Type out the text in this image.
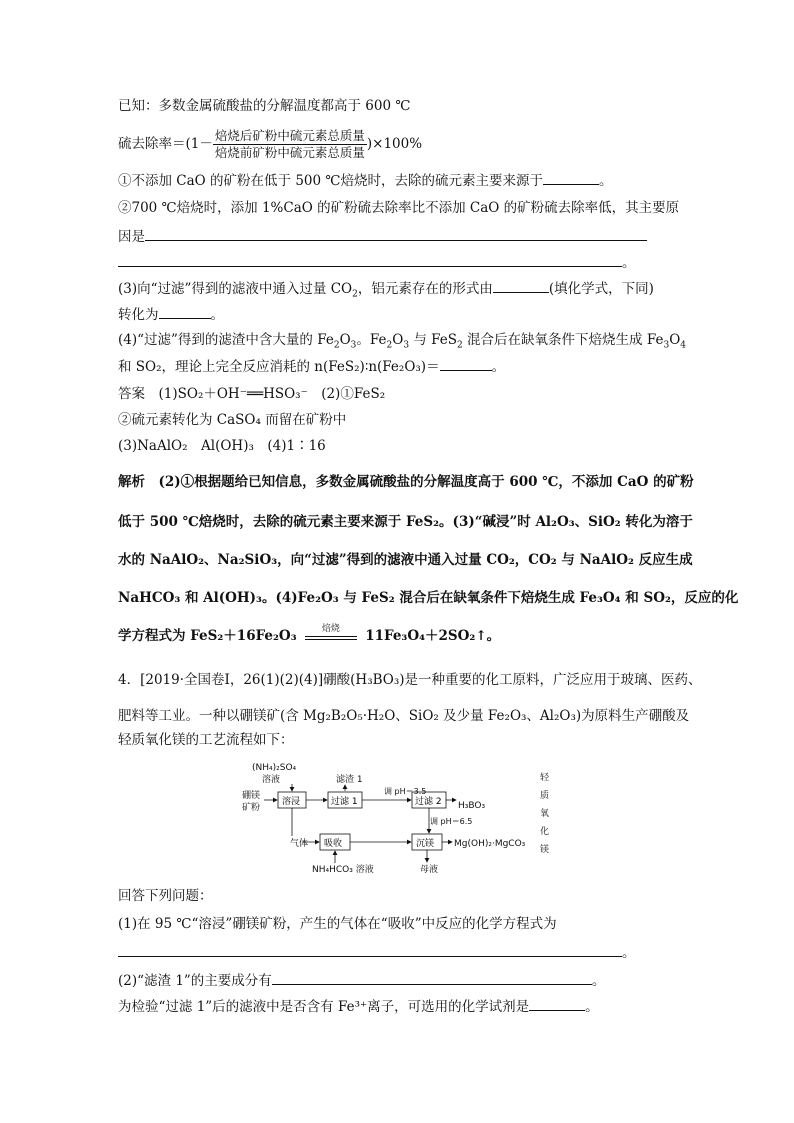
已知：多数金属硫酸盐的分解温度都高于 600 ℃
硫去除率$=(1- \frac{\text{焙烧后矿粉中硫元素总质量}}{\text{焙烧前矿粉中硫元素总质量}} )\times 100\%$
①不添加 CaO 的矿粉在低于 500 ℃焙烧时，去除的硫元素主要来源于	。
②700 ℃焙烧时，添加 1%CaO 的矿粉硫去除率比不添加 CaO 的矿粉硫去除率低，其主要原
因是
。
(3)向“过滤”得到的滤液中通入过量 $CO_2$，铝元素存在的形式由	(填化学式，下同)
转化为	。
(4)“过滤”得到的滤渣中含大量的 $Fe_2O_3$。$Fe_2O_3$ 与 FeS$_2$ 混合后在缺氧条件下焙烧生成 $Fe_3O_4$
和 SO₂，理论上完全反应消耗的 n(FeS₂)∶n(Fe₂O₃)＝	。
答案　(1)SO₂＋OH⁻══HSO₃⁻　(2)①FeS₂
②硫元素转化为 CaSO₄ 而留在矿粉中
(3)NaAlO₂　Al(OH)₃　(4)1∶16
解析　(2)①根据题给已知信息，多数金属硫酸盐的分解温度高于 600 ℃，不添加 CaO 的矿粉
低于 500 ℃焙烧时，去除的硫元素主要来源于 FeS₂。(3)“碱浸”时 Al₂O₃、SiO₂ 转化为溶于
水的 NaAlO₂、Na₂SiO₃，向“过滤”得到的滤液中通入过量 CO₂，CO₂ 与 NaAlO₂ 反应生成
NaHCO₃ 和 Al(OH)₃。(4)Fe₂O₃ 与 FeS₂ 混合后在缺氧条件下焙烧生成 Fe₃O₄ 和 SO₂，反应的化
学方程式为 FeS₂＋16Fe₂O₃	焙烧	11Fe₃O₄＋2SO₂↑。
4．[2019·全国卷Ⅰ，26(1)(2)(4)]硼酸(H₃BO₃)是一种重要的化工原料，广泛应用于玻璃、医药、
肥料等工业。一种以硼镁矿(含 Mg₂B₂O₅·H₂O、SiO₂ 及少量 Fe₂O₃、Al₂O₃)为原料生产硼酸及
轻质氧化镁的工艺流程如下：
(NH₄)₂SO₄
溶液	滤渣 1
硼镁
矿粉
调 pH＝3.5
H₃BO₃
调 pH＝6.5
气体	Mg(OH)₂·MgCO₃
NH₄HCO₃ 溶液	母液
轻
质
氧
化
镁
溶浸	过滤 1	过滤 2
吸收	沉镁
回答下列问题：
(1)在 95 ℃“溶浸”硼镁矿粉，产生的气体在“吸收”中反应的化学方程式为
。
(2)“滤渣 1”的主要成分有	。
为检验“过滤 1”后的滤液中是否含有 Fe³⁺离子，可选用的化学试剂是	。
